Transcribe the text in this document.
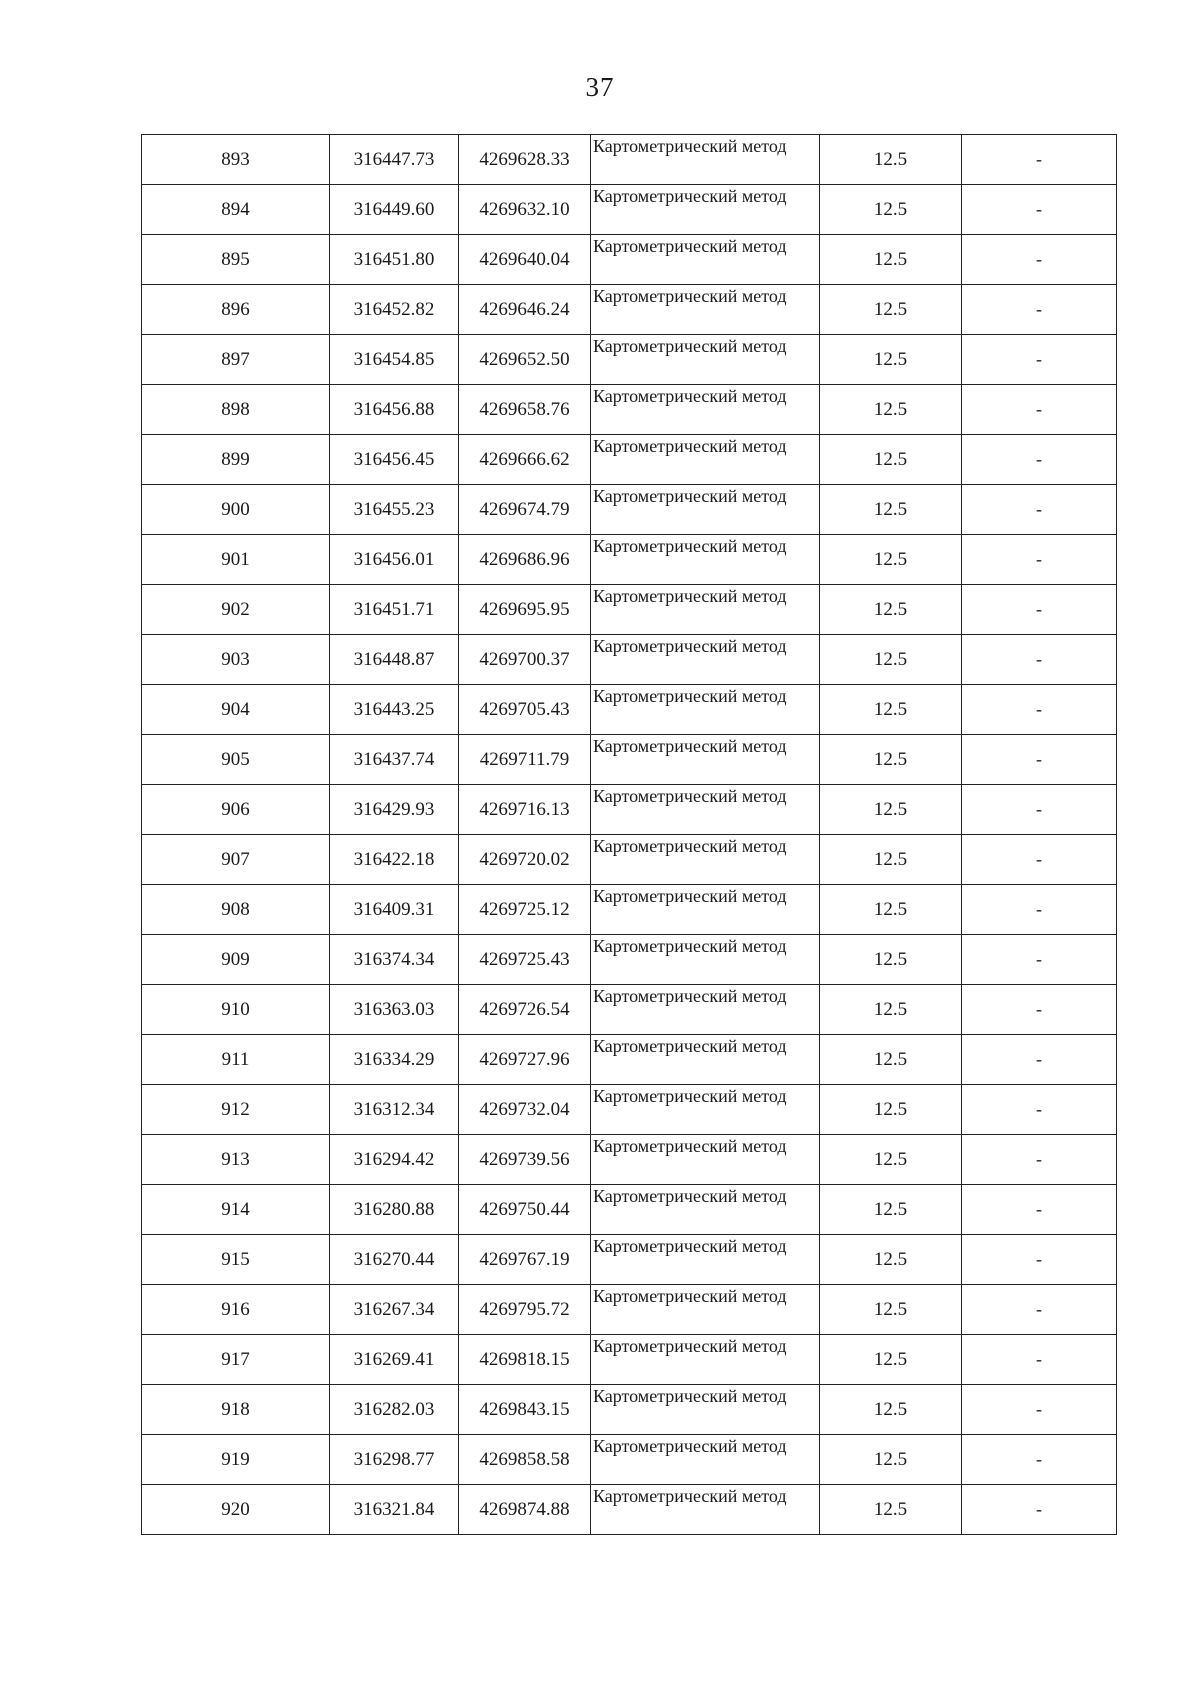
37
893	316447.73	4269628.33	Картометрический метод	12.5	-
894	316449.60	4269632.10	Картометрический метод	12.5	-
895	316451.80	4269640.04	Картометрический метод	12.5	-
896	316452.82	4269646.24	Картометрический метод	12.5	-
897	316454.85	4269652.50	Картометрический метод	12.5	-
898	316456.88	4269658.76	Картометрический метод	12.5	-
899	316456.45	4269666.62	Картометрический метод	12.5	-
900	316455.23	4269674.79	Картометрический метод	12.5	-
901	316456.01	4269686.96	Картометрический метод	12.5	-
902	316451.71	4269695.95	Картометрический метод	12.5	-
903	316448.87	4269700.37	Картометрический метод	12.5	-
904	316443.25	4269705.43	Картометрический метод	12.5	-
905	316437.74	4269711.79	Картометрический метод	12.5	-
906	316429.93	4269716.13	Картометрический метод	12.5	-
907	316422.18	4269720.02	Картометрический метод	12.5	-
908	316409.31	4269725.12	Картометрический метод	12.5	-
909	316374.34	4269725.43	Картометрический метод	12.5	-
910	316363.03	4269726.54	Картометрический метод	12.5	-
911	316334.29	4269727.96	Картометрический метод	12.5	-
912	316312.34	4269732.04	Картометрический метод	12.5	-
913	316294.42	4269739.56	Картометрический метод	12.5	-
914	316280.88	4269750.44	Картометрический метод	12.5	-
915	316270.44	4269767.19	Картометрический метод	12.5	-
916	316267.34	4269795.72	Картометрический метод	12.5	-
917	316269.41	4269818.15	Картометрический метод	12.5	-
918	316282.03	4269843.15	Картометрический метод	12.5	-
919	316298.77	4269858.58	Картометрический метод	12.5	-
920	316321.84	4269874.88	Картометрический метод	12.5	-
